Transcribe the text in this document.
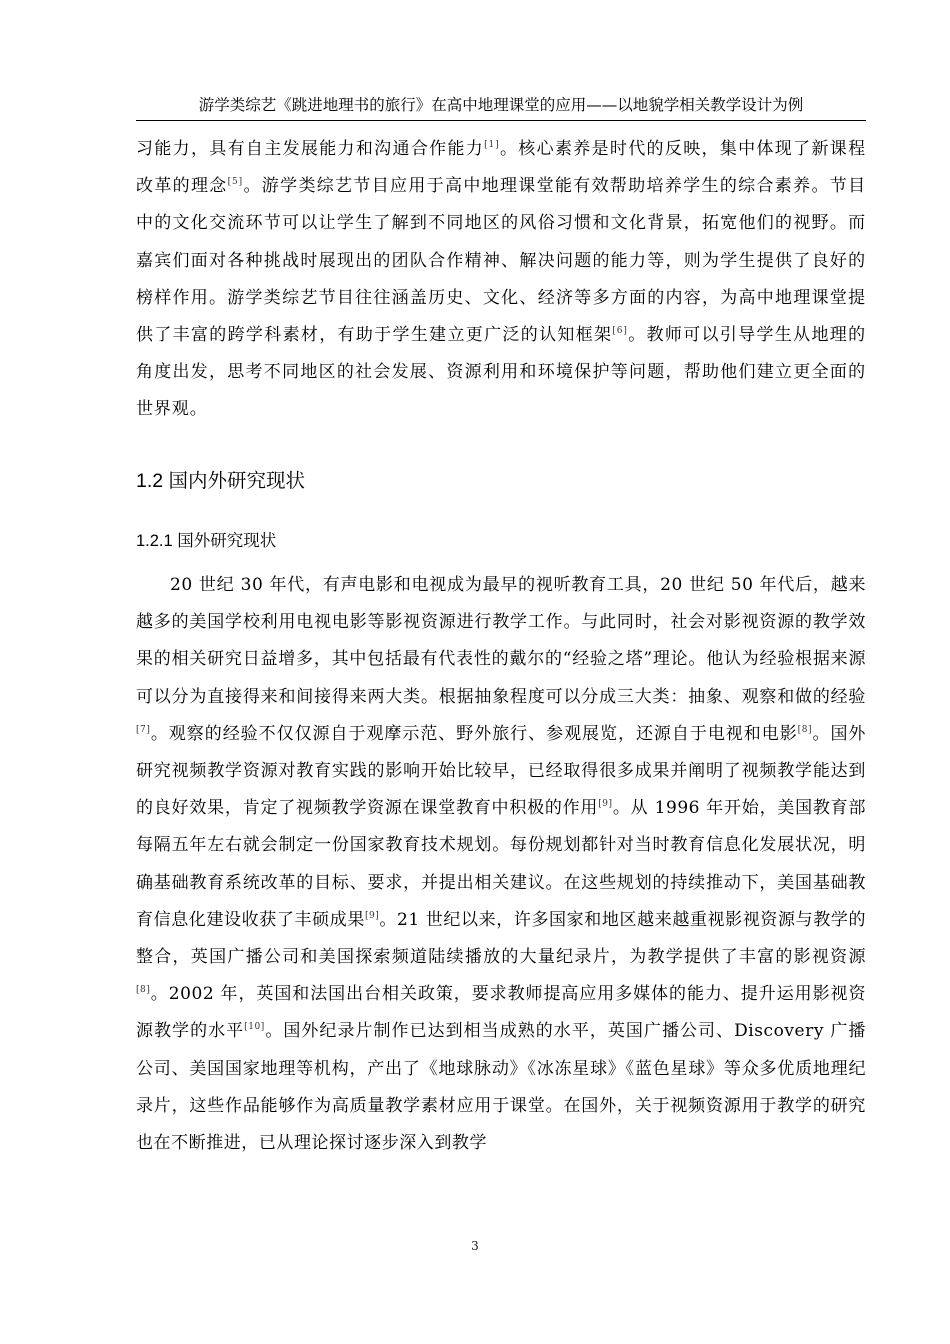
游学类综艺《跳进地理书的旅行》在高中地理课堂的应用——以地貌学相关教学设计为例

习能力，具有自主发展能力和沟通合作能力[1]。核心素养是时代的反映，集中体现了新课程改革的理念[5]。游学类综艺节目应用于高中地理课堂能有效帮助培养学生的综合素养。节目中的文化交流环节可以让学生了解到不同地区的风俗习惯和文化背景，拓宽他们的视野。而嘉宾们面对各种挑战时展现出的团队合作精神、解决问题的能力等，则为学生提供了良好的榜样作用。游学类综艺节目往往涵盖历史、文化、经济等多方面的内容，为高中地理课堂提供了丰富的跨学科素材，有助于学生建立更广泛的认知框架[6]。教师可以引导学生从地理的角度出发，思考不同地区的社会发展、资源利用和环境保护等问题，帮助他们建立更全面的世界观。

1.2 国内外研究现状
1.2.1 国外研究现状

20 世纪 30 年代，有声电影和电视成为最早的视听教育工具，20 世纪 50 年代后，越来越多的美国学校利用电视电影等影视资源进行教学工作。与此同时，社会对影视资源的教学效果的相关研究日益增多，其中包括最有代表性的戴尔的“经验之塔”理论。他认为经验根据来源可以分为直接得来和间接得来两大类。根据抽象程度可以分成三大类：抽象、观察和做的经验[7]。观察的经验不仅仅源自于观摩示范、野外旅行、参观展览，还源自于电视和电影[8]。国外研究视频教学资源对教育实践的影响开始比较早，已经取得很多成果并阐明了视频教学能达到的良好效果，肯定了视频教学资源在课堂教育中积极的作用[9]。从 1996 年开始，美国教育部每隔五年左右就会制定一份国家教育技术规划。每份规划都针对当时教育信息化发展状况，明确基础教育系统改革的目标、要求，并提出相关建议。在这些规划的持续推动下，美国基础教育信息化建设收获了丰硕成果[9]。21 世纪以来，许多国家和地区越来越重视影视资源与教学的整合，英国广播公司和美国探索频道陆续播放的大量纪录片，为教学提供了丰富的影视资源[8]。2002 年，英国和法国出台相关政策，要求教师提高应用多媒体的能力、提升运用影视资源教学的水平[10]。国外纪录片制作已达到相当成熟的水平，英国广播公司、Discovery 广播公司、美国国家地理等机构，产出了《地球脉动》《冰冻星球》《蓝色星球》等众多优质地理纪录片，这些作品能够作为高质量教学素材应用于课堂。在国外，关于视频资源用于教学的研究也在不断推进，已从理论探讨逐步深入到教学

3
